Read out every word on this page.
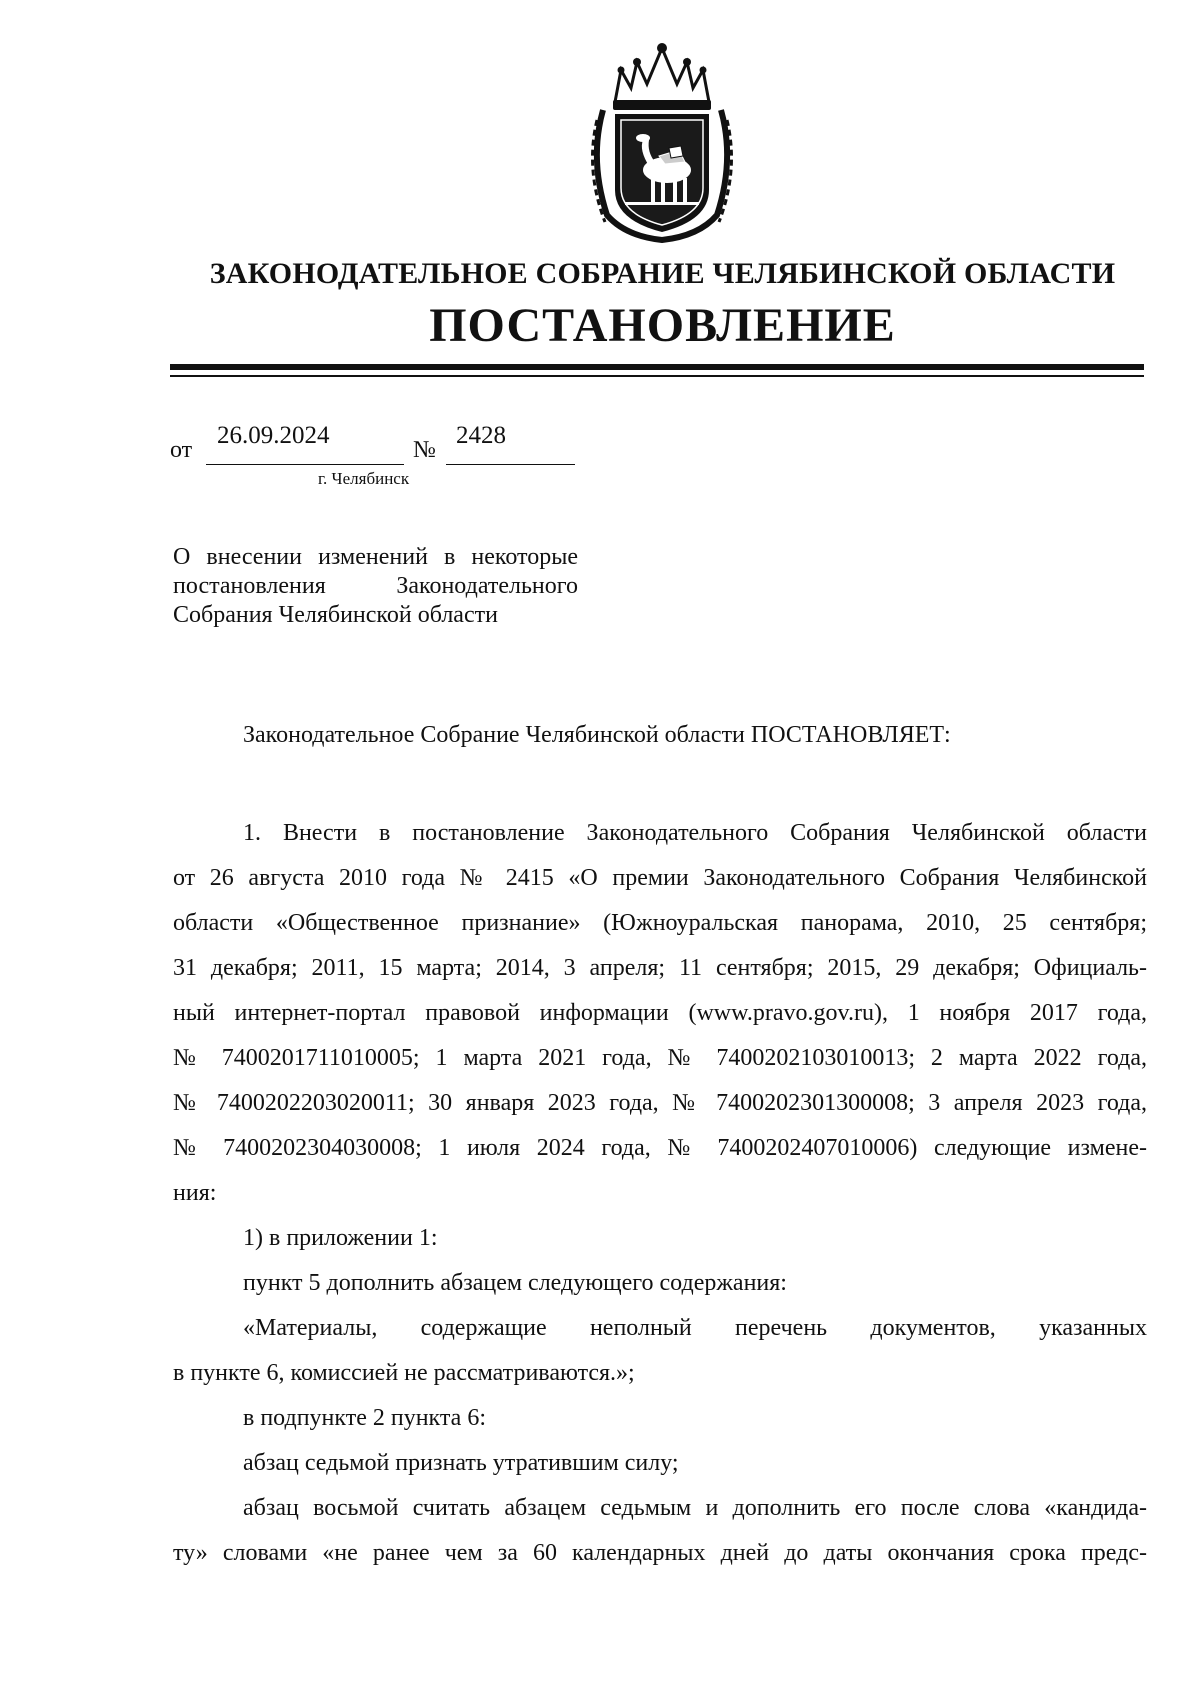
ЗАКОНОДАТЕЛЬНОЕ СОБРАНИЕ ЧЕЛЯБИНСКОЙ ОБЛАСТИ
ПОСТАНОВЛЕНИЕ
от
26.09.2024
№
2428
г. Челябинск
О внесении изменений в некоторые
постановления Законодательного
Собрания Челябинской области
Законодательное Собрание Челябинской области ПОСТАНОВЛЯЕТ:
1. Внести в постановление Законодательного Собрания Челябинской области
от 26 августа 2010 года № 2415 «О премии Законодательного Собрания Челябинской
области «Общественное признание» (Южноуральская панорама, 2010, 25 сентября;
31 декабря; 2011, 15 марта; 2014, 3 апреля; 11 сентября; 2015, 29 декабря; Официаль-
ный интернет-портал правовой информации (www.pravo.gov.ru), 1 ноября 2017 года,
№ 7400201711010005; 1 марта 2021 года, № 7400202103010013; 2 марта 2022 года,
№ 7400202203020011; 30 января 2023 года, № 7400202301300008; 3 апреля 2023 года,
№ 7400202304030008; 1 июля 2024 года, № 7400202407010006) следующие измене-
ния:
1) в приложении 1:
пункт 5 дополнить абзацем следующего содержания:
«Материалы, содержащие неполный перечень документов, указанных
в пункте 6, комиссией не рассматриваются.»;
в подпункте 2 пункта 6:
абзац седьмой признать утратившим силу;
абзац восьмой считать абзацем седьмым и дополнить его после слова «кандида-
ту» словами «не ранее чем за 60 календарных дней до даты окончания срока предс-
